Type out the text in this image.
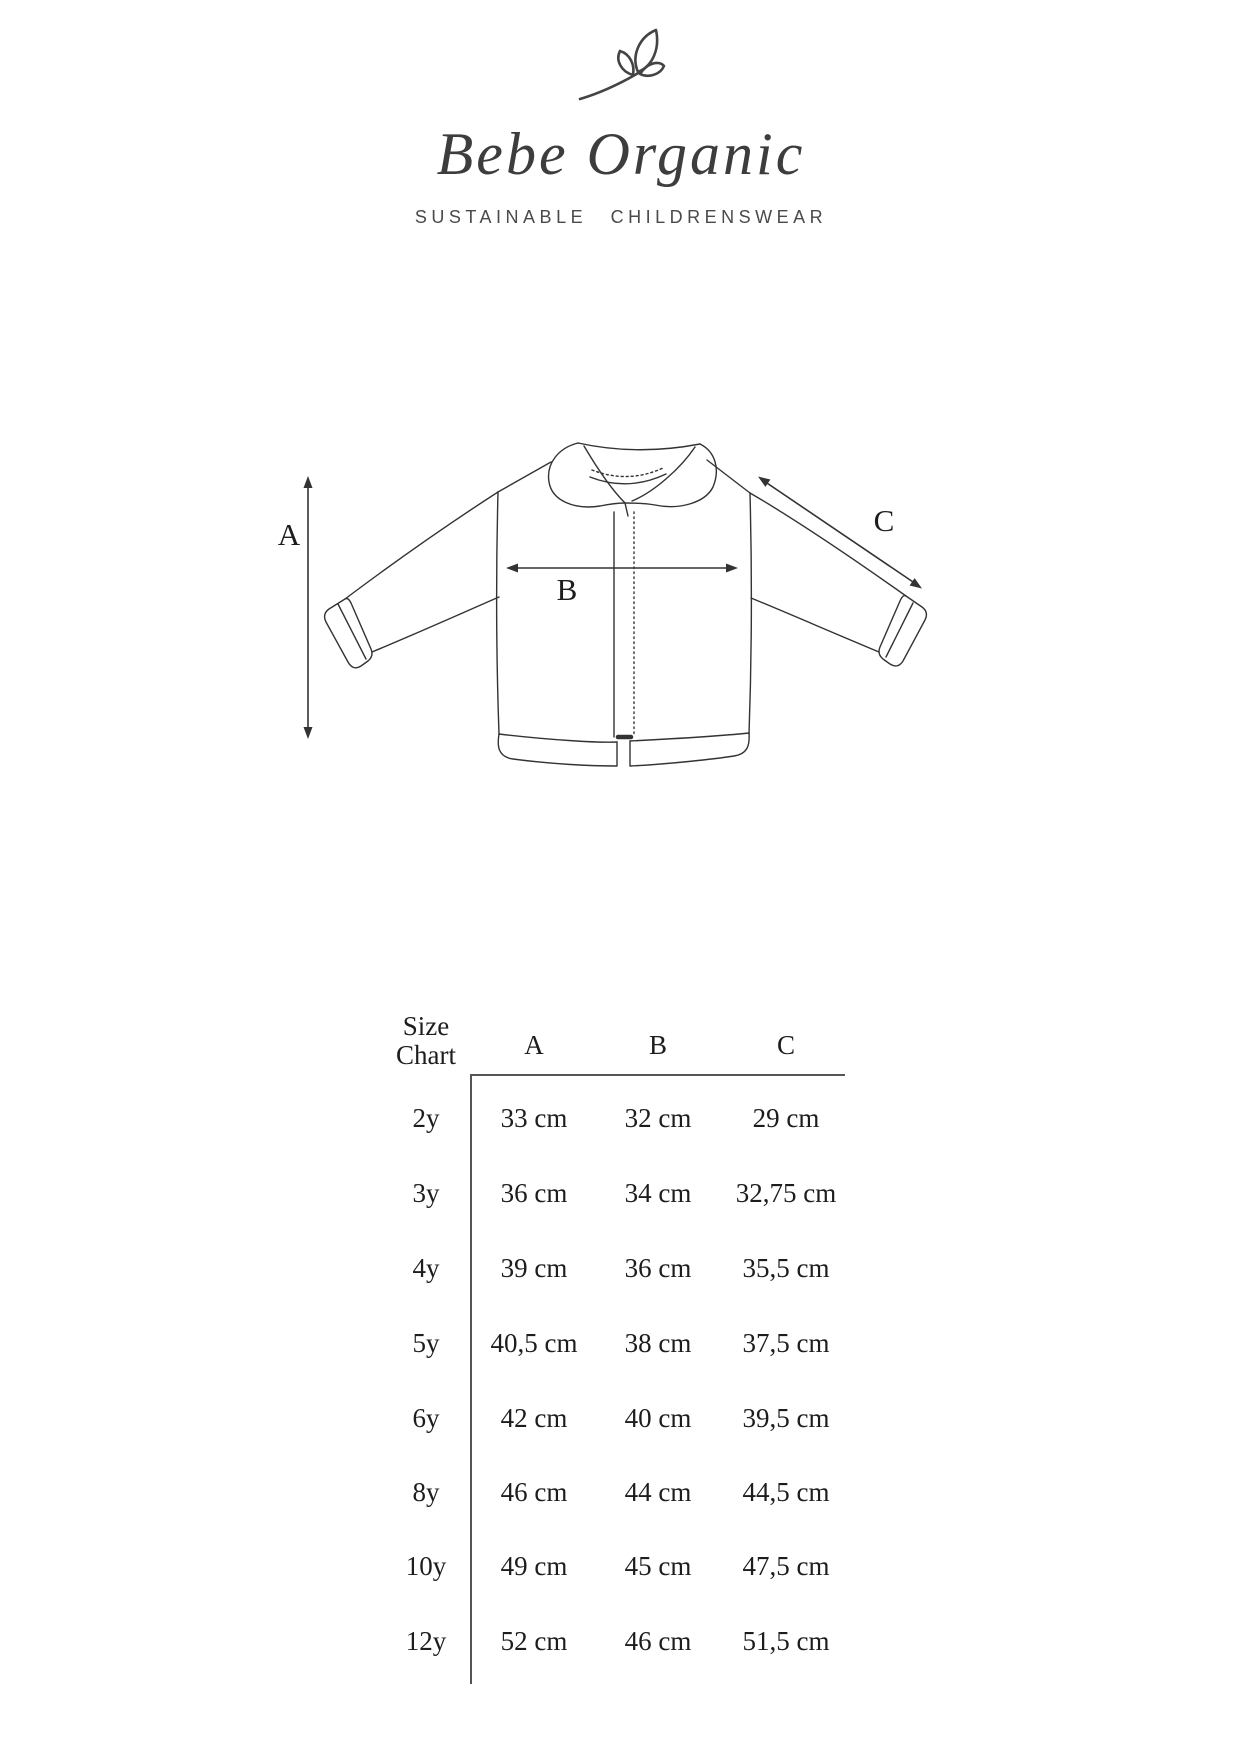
Bebe Organic
SUSTAINABLE CHILDRENSWEAR
A
B
C
Size Chart	A	B	C
2y	33 cm	32 cm	29 cm
3y	36 cm	34 cm	32,75 cm
4y	39 cm	36 cm	35,5 cm
5y	40,5 cm	38 cm	37,5 cm
6y	42 cm	40 cm	39,5 cm
8y	46 cm	44 cm	44,5 cm
10y	49 cm	45 cm	47,5 cm
12y	52 cm	46 cm	51,5 cm
